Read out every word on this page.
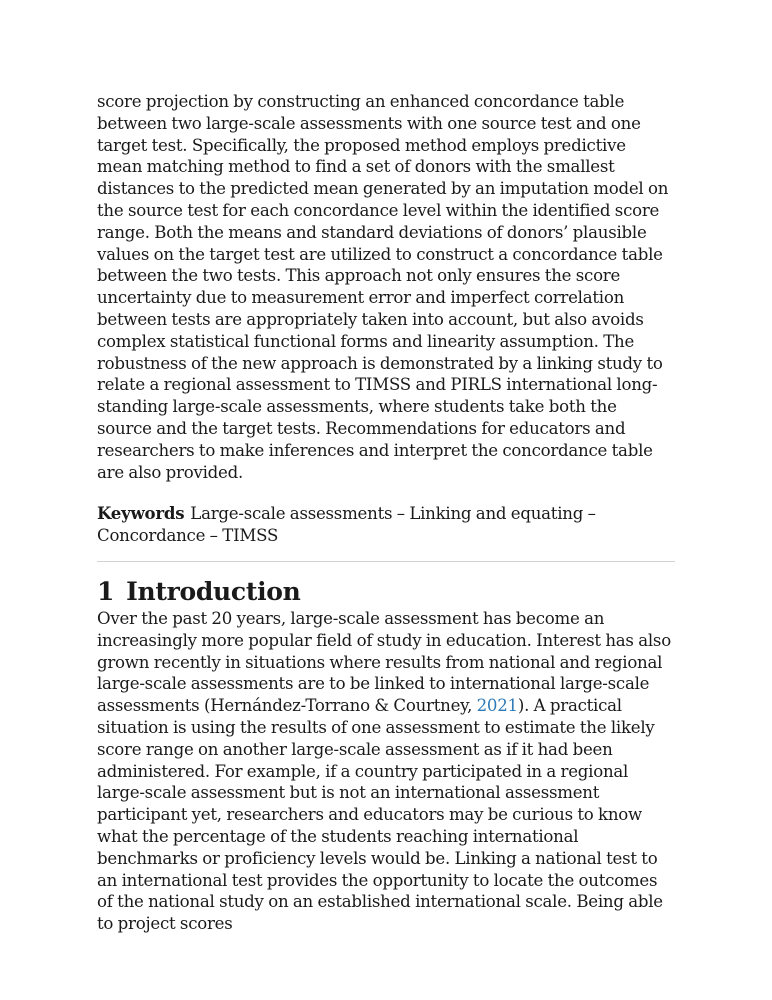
score projection by constructing an enhanced concordance table between two large-scale assessments with one source test and one target test. Specifically, the proposed method employs predictive mean matching method to find a set of donors with the smallest distances to the predicted mean generated by an imputation model on the source test for each concordance level within the identified score range. Both the means and standard deviations of donors’ plausible values on the target test are utilized to construct a concordance table between the two tests. This approach not only ensures the score uncertainty due to measurement error and imperfect correlation between tests are appropriately taken into account, but also avoids complex statistical functional forms and linearity assumption. The robustness of the new approach is demonstrated by a linking study to relate a regional assessment to TIMSS and PIRLS international long-standing large-scale assessments, where students take both the source and the target tests. Recommendations for educators and researchers to make inferences and interpret the concordance table are also provided.

Keywords Large-scale assessments – Linking and equating – Concordance – TIMSS

1 Introduction

Over the past 20 years, large-scale assessment has become an increasingly more popular field of study in education. Interest has also grown recently in situations where results from national and regional large-scale assessments are to be linked to international large-scale assessments (Hernández-Torrano & Courtney, 2021). A practical situation is using the results of one assessment to estimate the likely score range on another large-scale assessment as if it had been administered. For example, if a country participated in a regional large-scale assessment but is not an international assessment participant yet, researchers and educators may be curious to know what the percentage of the students reaching international benchmarks or proficiency levels would be. Linking a national test to an international test provides the opportunity to locate the outcomes of the national study on an established international scale. Being able to project scores
